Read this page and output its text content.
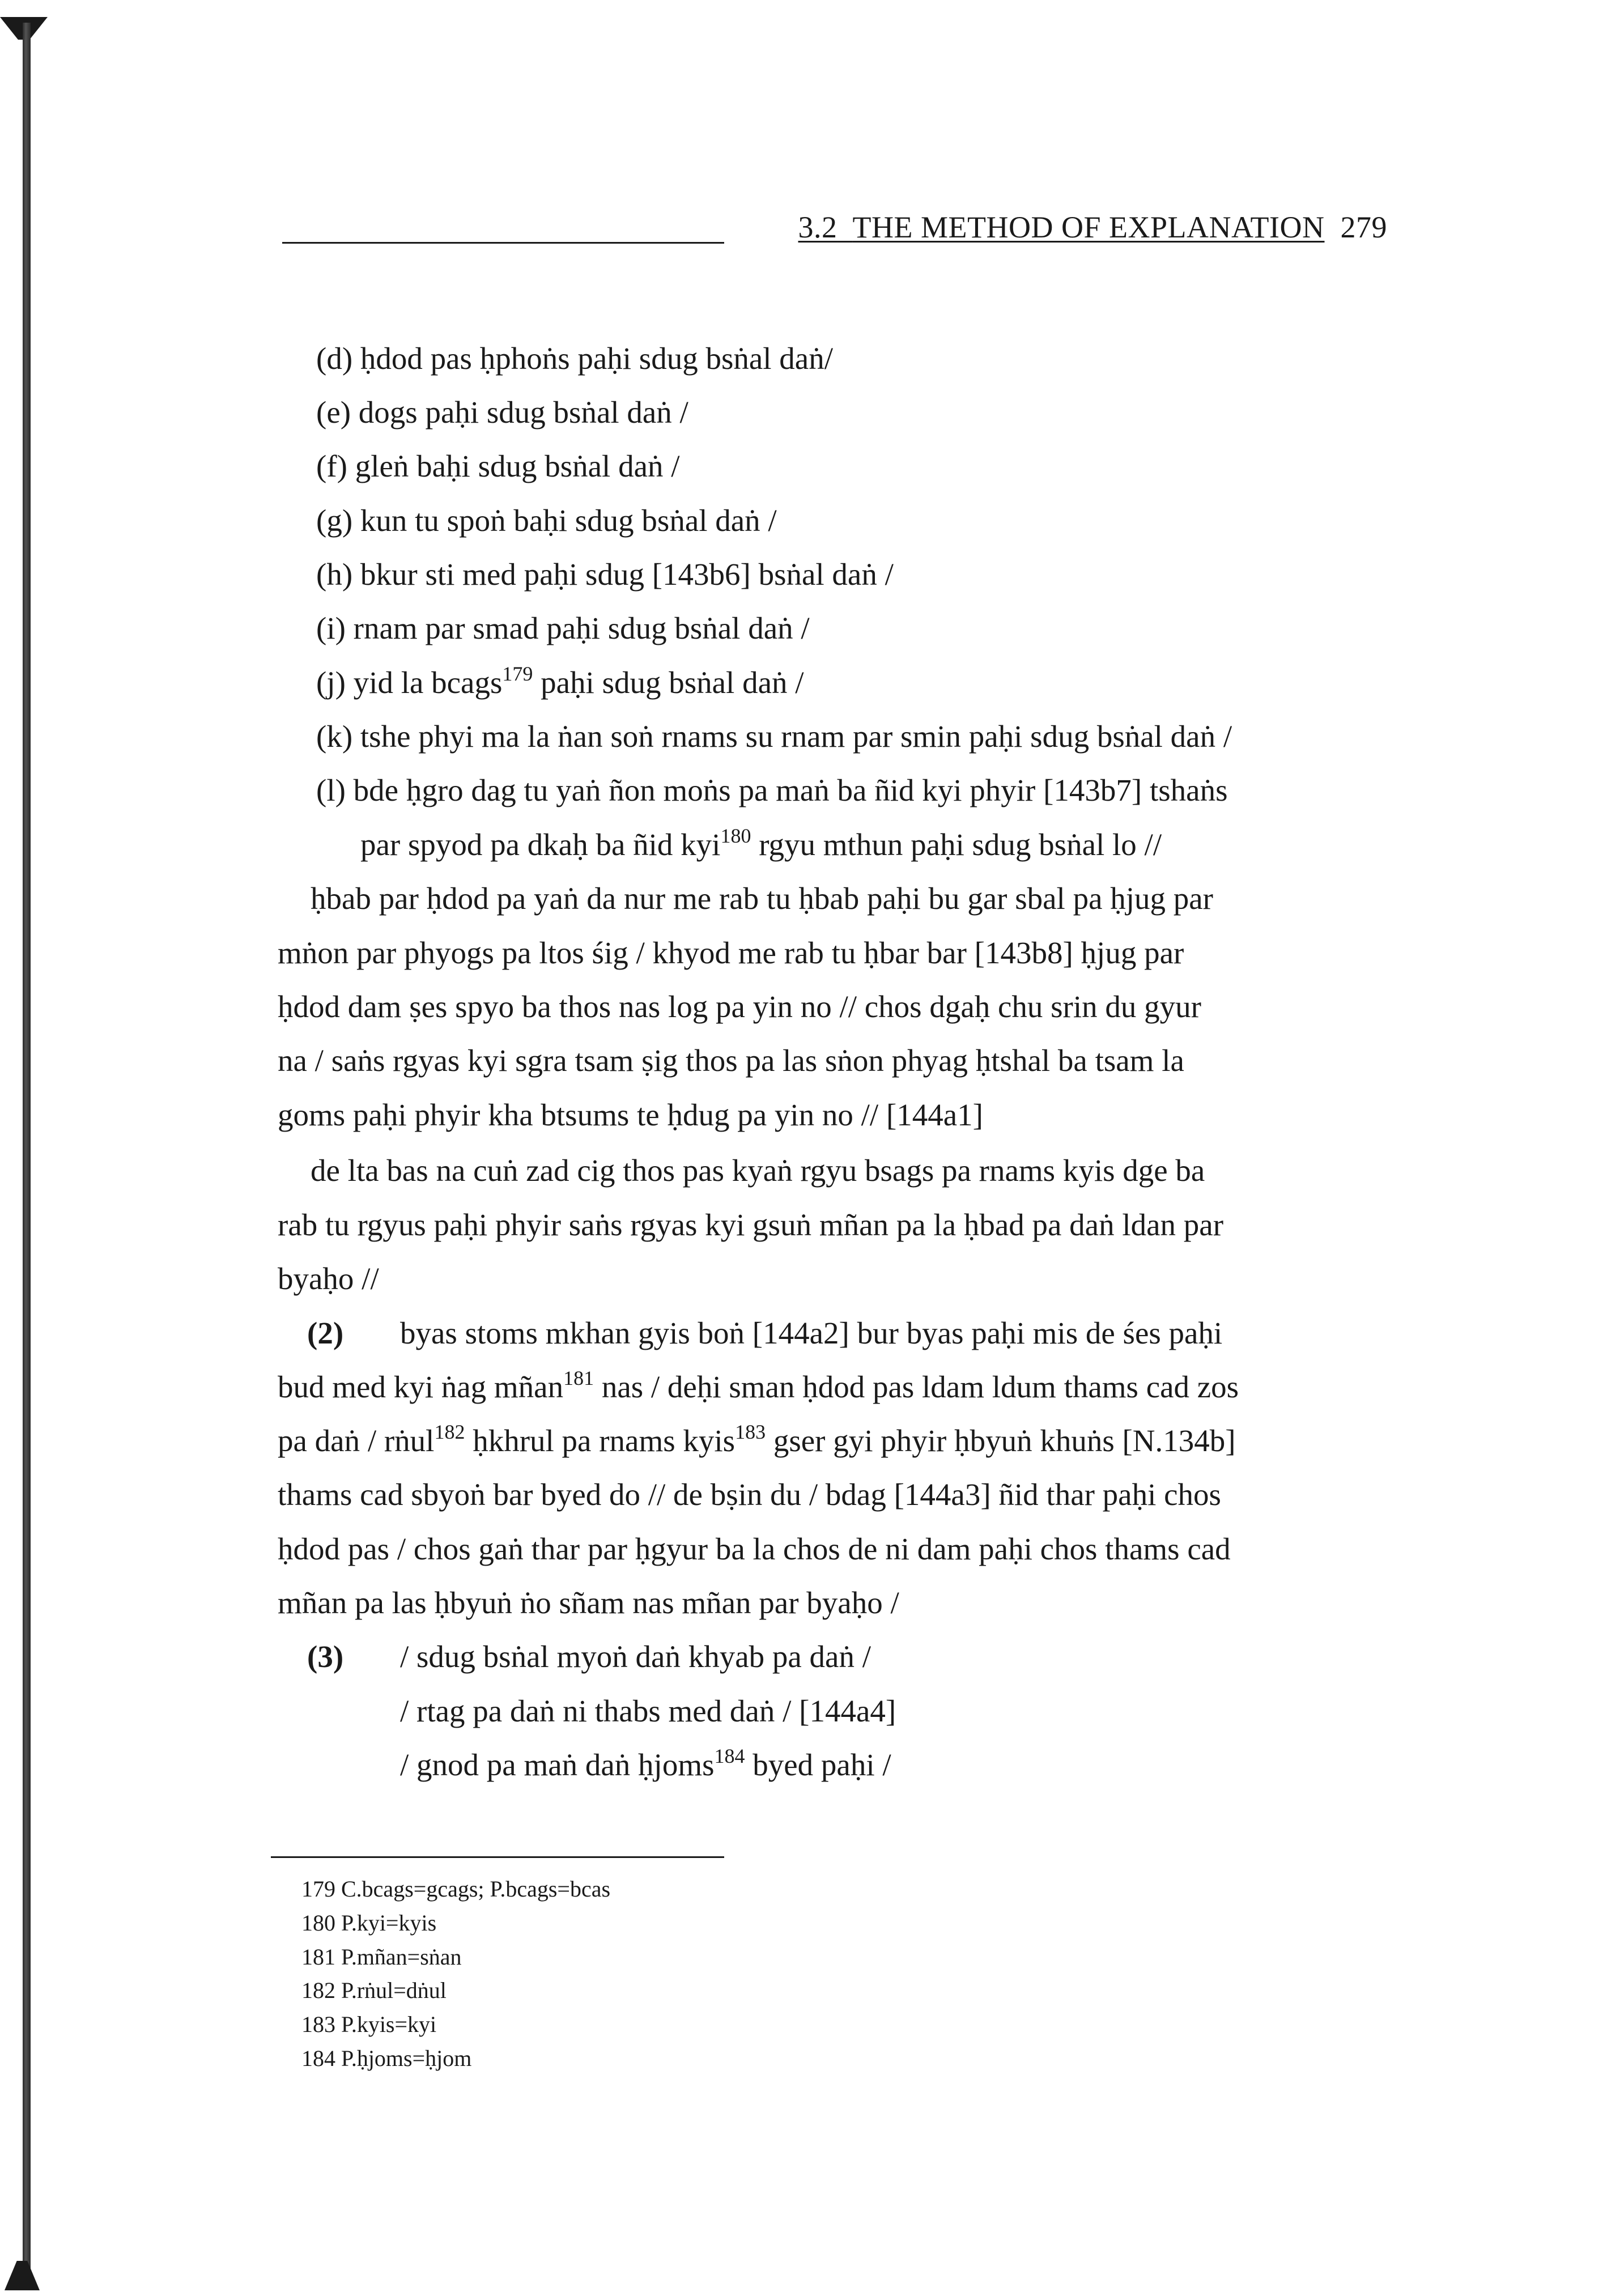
3.2 THE METHOD OF EXPLANATION 279
(d) ḥdod pas ḥphoṅs paḥi sdug bsṅal daṅ/
(e) dogs paḥi sdug bsṅal daṅ /
(f) gleṅ baḥi sdug bsṅal daṅ /
(g) kun tu spoṅ baḥi sdug bsṅal daṅ /
(h) bkur sti med paḥi sdug [143b6] bsṅal daṅ /
(i) rnam par smad paḥi sdug bsṅal daṅ /
(j) yid la bcags$^{179}$ paḥi sdug bsṅal daṅ /
(k) tshe phyi ma la ṅan soṅ rnams su rnam par smin paḥi sdug bsṅal daṅ /
(l) bde ḥgro dag tu yaṅ ñon moṅs pa maṅ ba ñid kyi phyir [143b7] tshaṅs
par spyod pa dkaḥ ba ñid kyi$^{180}$ rgyu mthun paḥi sdug bsṅal lo //
ḥbab par ḥdod pa yaṅ da nur me rab tu ḥbab paḥi bu gar sbal pa ḥjug par
mṅon par phyogs pa ltos śig / khyod me rab tu ḥbar bar [143b8] ḥjug par
ḥdod dam ṣes spyo ba thos nas log pa yin no // chos dgaḥ chu srin du gyur
na / saṅs rgyas kyi sgra tsam ṣig thos pa las sṅon phyag ḥtshal ba tsam la
goms paḥi phyir kha btsums te ḥdug pa yin no // [144a1]
de lta bas na cuṅ zad cig thos pas kyaṅ rgyu bsags pa rnams kyis dge ba
rab tu rgyus paḥi phyir saṅs rgyas kyi gsuṅ mñan pa la ḥbad pa daṅ ldan par
byaḥo //
(2) byas stoms mkhan gyis boṅ [144a2] bur byas paḥi mis de śes paḥi
bud med kyi ṅag mñan$^{181}$ nas / deḥi sman ḥdod pas ldam ldum thams cad zos
pa daṅ / rṅul$^{182}$ ḥkhrul pa rnams kyis$^{183}$ gser gyi phyir ḥbyuṅ khuṅs [N.134b]
thams cad sbyoṅ bar byed do // de bṣin du / bdag [144a3] ñid thar paḥi chos
ḥdod pas / chos gaṅ thar par ḥgyur ba la chos de ni dam paḥi chos thams cad
mñan pa las ḥbyuṅ ṅo sñam nas mñan par byaḥo /
(3) / sdug bsṅal myoṅ daṅ khyab pa daṅ /
/ rtag pa daṅ ni thabs med daṅ / [144a4]
/ gnod pa maṅ daṅ ḥjoms$^{184}$ byed paḥi /
179 C.bcags=gcags; P.bcags=bcas
180 P.kyi=kyis
181 P.mñan=sṅan
182 P.rṅul=dṅul
183 P.kyis=kyi
184 P.ḥjoms=ḥjom
